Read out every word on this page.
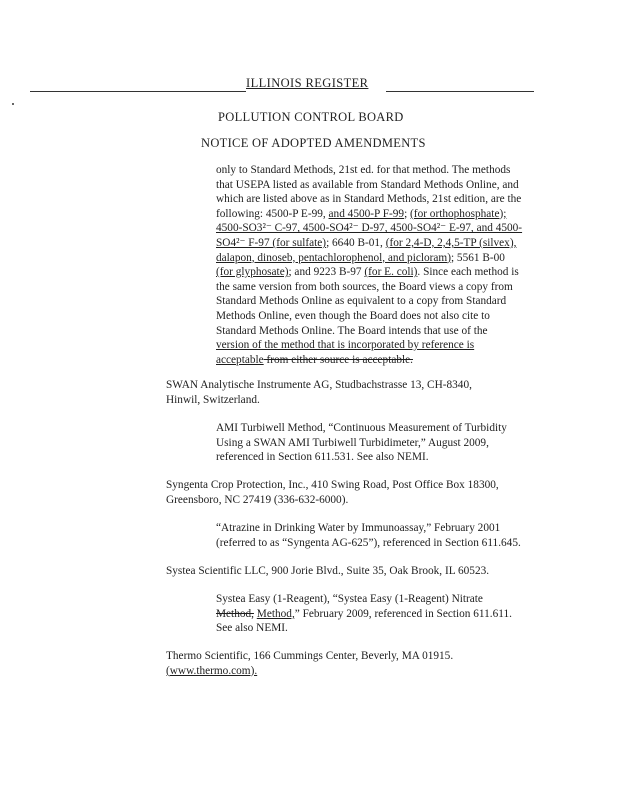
ILLINOIS REGISTER
POLLUTION CONTROL BOARD
NOTICE OF ADOPTED AMENDMENTS

only to Standard Methods, 21st ed. for that method. The methods

that USEPA listed as available from Standard Methods Online, and

which are listed above as in Standard Methods, 21st edition, are the

following: 4500-P E-99, and 4500-P F-99; (for orthophosphate);

4500-SO3²⁻ C-97, 4500-SO4²⁻ D-97, 4500-SO4²⁻ E-97, and 4500-

SO4²⁻ F-97 (for sulfate); 6640 B-01, (for 2,4-D, 2,4,5-TP (silvex),

dalapon, dinoseb, pentachlorophenol, and picloram); 5561 B-00

(for glyphosate); and 9223 B-97 (for E. coli). Since each method is

the same version from both sources, the Board views a copy from

Standard Methods Online as equivalent to a copy from Standard

Methods Online, even though the Board does not also cite to

Standard Methods Online. The Board intends that use of the

version of the method that is incorporated by reference is

acceptable from either source is acceptable.

SWAN Analytische Instrumente AG, Studbachstrasse 13, CH-8340,

Hinwil, Switzerland.

AMI Turbiwell Method, “Continuous Measurement of Turbidity

Using a SWAN AMI Turbiwell Turbidimeter,” August 2009,

referenced in Section 611.531. See also NEMI.

Syngenta Crop Protection, Inc., 410 Swing Road, Post Office Box 18300,

Greensboro, NC 27419 (336-632-6000).

“Atrazine in Drinking Water by Immunoassay,” February 2001

(referred to as “Syngenta AG-625”), referenced in Section 611.645.

Systea Scientific LLC, 900 Jorie Blvd., Suite 35, Oak Brook, IL 60523.

Systea Easy (1-Reagent), “Systea Easy (1-Reagent) Nitrate

Method, Method,” February 2009, referenced in Section 611.611.

See also NEMI.

Thermo Scientific, 166 Cummings Center, Beverly, MA 01915.

(www.thermo.com).
